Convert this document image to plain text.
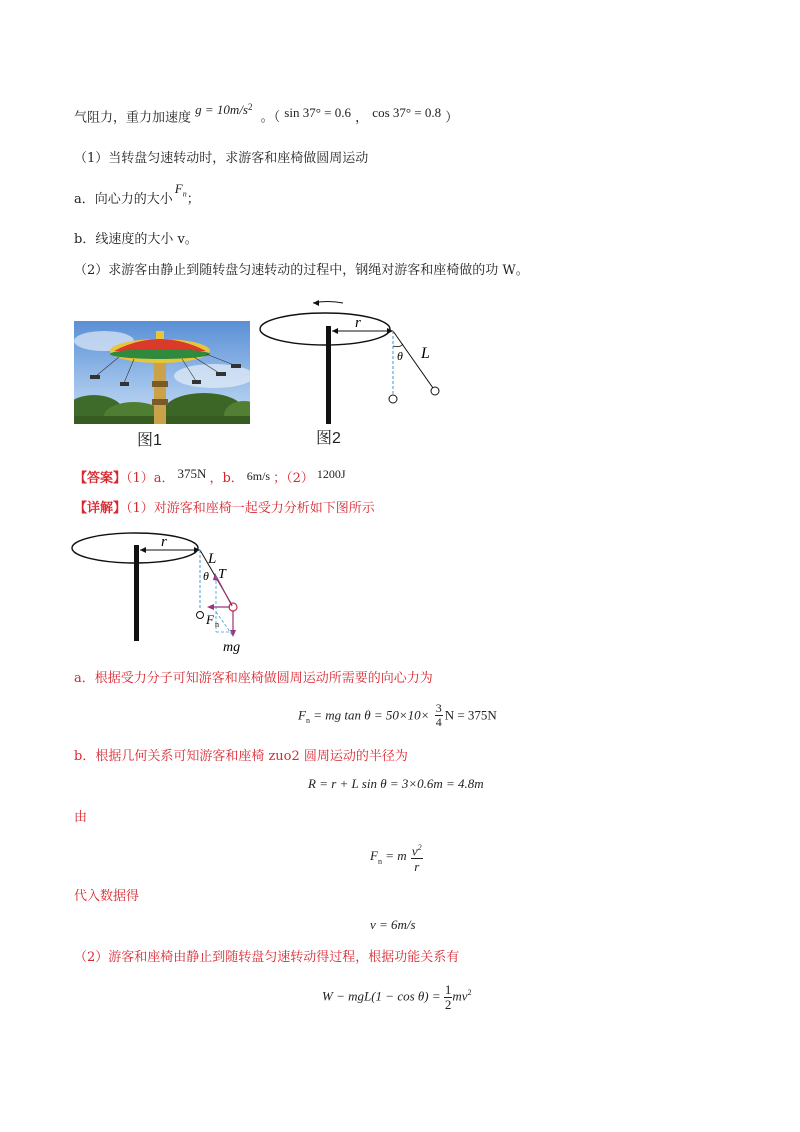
气阻力，重力加速度 $g = 10m/s^2$ 。（ sin 37° = 0.6 ， cos 37° = 0.8 ）
（1）当转盘匀速转动时，求游客和座椅做圆周运动
a．向心力的大小$F_n$；
b．线速度的大小 v。
（2）求游客由静止到随转盘匀速转动的过程中，钢绳对游客和座椅做的功 W。
图1
r
θ L
图2
【答案】（1）a． 375N ，b． 6m/s ；（2） 1200J
【详解】（1）对游客和座椅一起受力分析如下图所示
r
L
θ T
mg
F n
a．根据受力分子可知游客和座椅做圆周运动所需要的向心力为
$F_n$ = mg $\tan \theta = 50\times 10\times \frac{3}{4}$ N = 375N
b．根据几何关系可知游客和座椅 zuo2 圆周运动的半径为
R = r + L sin θ = 3×0.6m = 4.8m
由
$F_n = m \frac{v^2}{r}$
代入数据得
v = 6m/s
（2）游客和座椅由静止到随转盘匀速转动得过程，根据功能关系有
$W - mgL(1 - \cos \theta) = \frac{1}{2} mv^2$
